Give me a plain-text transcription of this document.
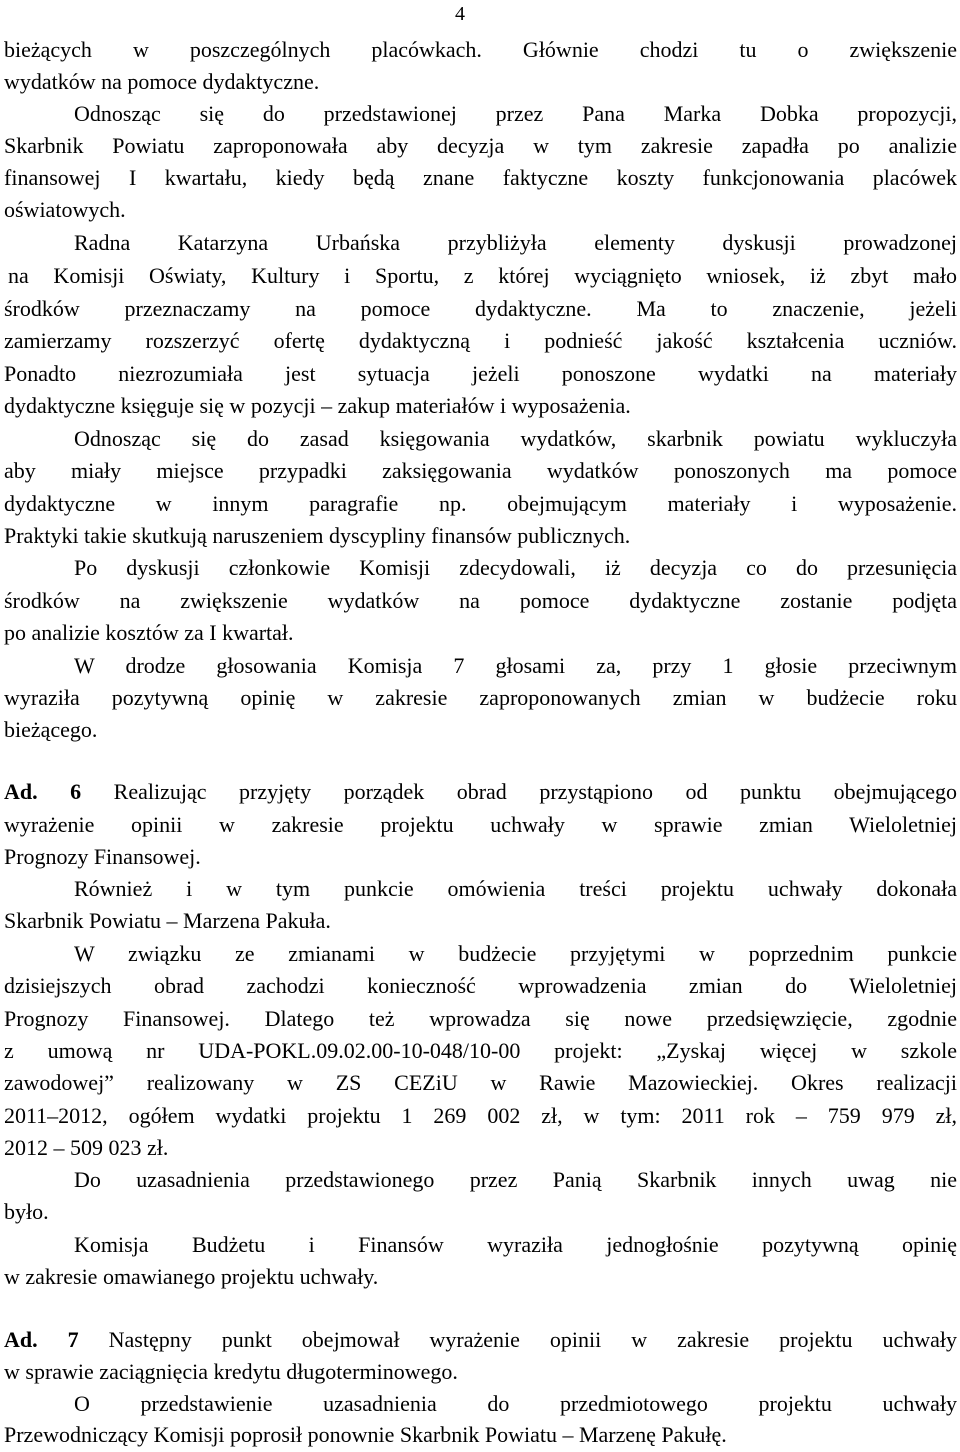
4
bieżących w poszczególnych placówkach. Głównie chodzi tu o zwiększenie
wydatków na pomoce dydaktyczne.
Odnosząc się do przedstawionej przez Pana Marka Dobka propozycji,
Skarbnik Powiatu zaproponowała aby decyzja w tym zakresie zapadła po analizie
finansowej I kwartału, kiedy będą znane faktyczne koszty funkcjonowania placówek
oświatowych.
Radna Katarzyna Urbańska przybliżyła elementy dyskusji prowadzonej
na Komisji Oświaty, Kultury i Sportu, z której wyciągnięto wniosek, iż zbyt mało
środków przeznaczamy na pomoce dydaktyczne. Ma to znaczenie, jeżeli
zamierzamy rozszerzyć ofertę dydaktyczną i podnieść jakość kształcenia uczniów.
Ponadto niezrozumiała jest sytuacja jeżeli ponoszone wydatki na materiały
dydaktyczne księguje się w pozycji – zakup materiałów i wyposażenia.
Odnosząc się do zasad księgowania wydatków, skarbnik powiatu wykluczyła
aby miały miejsce przypadki zaksięgowania wydatków ponoszonych ma pomoce
dydaktyczne w innym paragrafie np. obejmującym materiały i wyposażenie.
Praktyki takie skutkują naruszeniem dyscypliny finansów publicznych.
Po dyskusji członkowie Komisji zdecydowali, iż decyzja co do przesunięcia
środków na zwiększenie wydatków na pomoce dydaktyczne zostanie podjęta
po analizie kosztów za I kwartał.
W drodze głosowania Komisja 7 głosami za, przy 1 głosie przeciwnym
wyraziła pozytywną opinię w zakresie zaproponowanych zmian w budżecie roku
bieżącego.
Ad. 6 Realizując przyjęty porządek obrad przystąpiono od punktu obejmującego
wyrażenie opinii w zakresie projektu uchwały w sprawie zmian Wieloletniej
Prognozy Finansowej.
Również i w tym punkcie omówienia treści projektu uchwały dokonała
Skarbnik Powiatu – Marzena Pakuła.
W związku ze zmianami w budżecie przyjętymi w poprzednim punkcie
dzisiejszych obrad zachodzi konieczność wprowadzenia zmian do Wieloletniej
Prognozy Finansowej. Dlatego też wprowadza się nowe przedsięwzięcie, zgodnie
z umową nr UDA-POKL.09.02.00-10-048/10-00 projekt: „Zyskaj więcej w szkole
zawodowej” realizowany w ZS CEZiU w Rawie Mazowieckiej. Okres realizacji
2011–2012, ogółem wydatki projektu 1 269 002 zł, w tym: 2011 rok – 759 979 zł,
2012 – 509 023 zł.
Do uzasadnienia przedstawionego przez Panią Skarbnik innych uwag nie
było.
Komisja Budżetu i Finansów wyraziła jednogłośnie pozytywną opinię
w zakresie omawianego projektu uchwały.
Ad. 7 Następny punkt obejmował wyrażenie opinii w zakresie projektu uchwały
w sprawie zaciągnięcia kredytu długoterminowego.
O przedstawienie uzasadnienia do przedmiotowego projektu uchwały
Przewodniczący Komisji poprosił ponownie Skarbnik Powiatu – Marzenę Pakułę.
